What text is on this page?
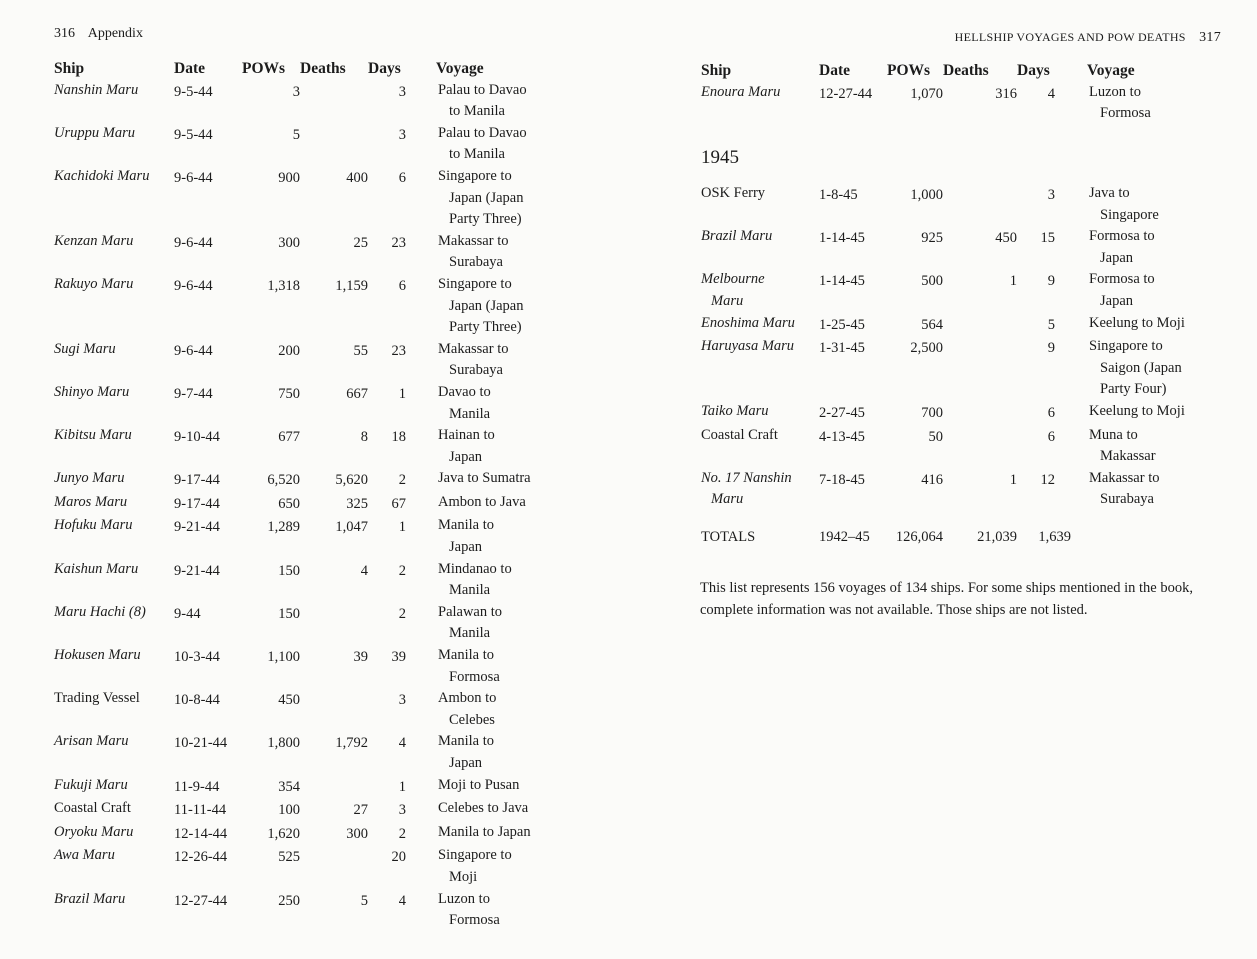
316 Appendix
Ship	Date	POWs	Deaths	Days	Voyage
Nanshin Maru	9-5-44	3		3	Palau to Davao
to Manila

Uruppu Maru	9-5-44	5		3	Palau to Davao
to Manila

Kachidoki Maru	9-6-44	900	400	6	Singapore to
Japan (Japan
Party Three)

Kenzan Maru	9-6-44	300	25	23	Makassar to
Surabaya

Rakuyo Maru	9-6-44	1,318	1,159	6	Singapore to
Japan (Japan
Party Three)

Sugi Maru	9-6-44	200	55	23	Makassar to
Surabaya

Shinyo Maru	9-7-44	750	667	1	Davao to
Manila

Kibitsu Maru	9-10-44	677	8	18	Hainan to
Japan

Junyo Maru	9-17-44	6,520	5,620	2	Java to Sumatra

Maros Maru	9-17-44	650	325	67	Ambon to Java

Hofuku Maru	9-21-44	1,289	1,047	1	Manila to
Japan

Kaishun Maru	9-21-44	150	4	2	Mindanao to
Manila

Maru Hachi (8)	9-44	150		2	Palawan to
Manila

Hokusen Maru	10-3-44	1,100	39	39	Manila to
Formosa

Trading Vessel	10-8-44	450		3	Ambon to
Celebes

Arisan Maru	10-21-44	1,800	1,792	4	Manila to
Japan

Fukuji Maru	11-9-44	354		1	Moji to Pusan

Coastal Craft	11-11-44	100	27	3	Celebes to Java

Oryoku Maru	12-14-44	1,620	300	2	Manila to Japan

Awa Maru	12-26-44	525		20	Singapore to
Moji

Brazil Maru	12-27-44	250	5	4	Luzon to
Formosa
HELLSHIP VOYAGES AND POW DEATHS 317
Ship	Date	POWs	Deaths	Days	Voyage
Enoura Maru	12-27-44	1,070	316	4	Luzon to
Formosa
1945
OSK Ferry	1-8-45	1,000		3	Java to
Singapore

Brazil Maru	1-14-45	925	450	15	Formosa to
Japan

Melbourne
Maru	1-14-45	500	1	9	Formosa to
Japan

Enoshima Maru	1-25-45	564		5	Keelung to Moji

Haruyasa Maru	1-31-45	2,500		9	Singapore to
Saigon (Japan
Party Four)

Taiko Maru	2-27-45	700		6	Keelung to Moji

Coastal Craft	4-13-45	50		6	Muna to
Makassar

No. 17 Nanshin
Maru	7-18-45	416	1	12	Makassar to
Surabaya
TOTALS	1942–45	126,064	21,039	1,639	
This list represents 156 voyages of 134 ships. For some ships mentioned in the book, complete information was not available. Those ships are not listed.
